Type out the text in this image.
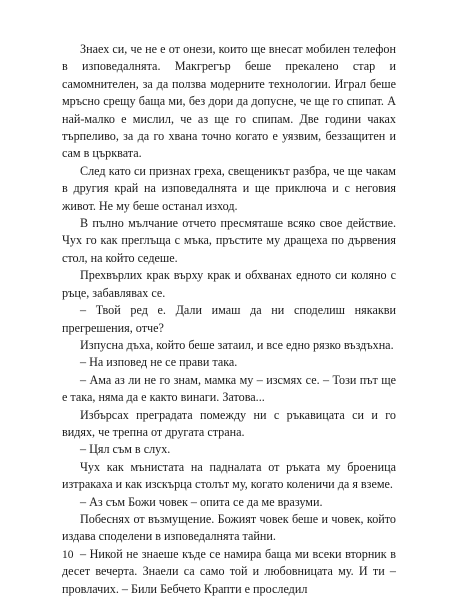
Знаех си, че не е от онези, които ще внесат мобилен телефон в изповедалнята. Макгрегър беше прекалено стар и самомнителен, за да ползва модерните технологии. Играл беше мръсно срещу баща ми, без дори да допусне, че ще го спипат. А най-малко е мислил, че аз ще го спипам. Две години чаках търпеливо, за да го хвана точно когато е уязвим, беззащитен и сам в църквата.

След като си признах греха, свещеникът разбра, че ще чакам в другия край на изповедалнята и ще приключа и с неговия живот. Не му беше останал изход.

В пълно мълчание отчето пресмяташе всяко свое действие. Чух го как преглъща с мъка, пръстите му дращеха по дървения стол, на който седеше.

Прехвърлих крак върху крак и обхванах едното си коляно с ръце, забавлявах се.

– Твой ред е. Дали имаш да ни споделиш някакви прегрешения, отче?

Изпусна дъха, който беше затаил, и все едно рязко въздъхна.

– На изповед не се прави така.

– Ама аз ли не го знам, мамка му – изсмях се. – Този път ще е така, няма да е както винаги. Затова...

Избърсах преградата помежду ни с ръкавицата си и го видях, че трепна от другата страна.

– Цял съм в слух.

Чух как мънистата на падналата от ръката му броеница изтракаха и как изскърца столът му, когато коленичи да я вземе.

– Аз съм Божи човек – опита се да ме вразуми.

Побеснях от възмущение. Божият човек беше и човек, който издава споделени в изповедалнята тайни.

– Никой не знаеше къде се намира баща ми всеки вторник в десет вечерта. Знаели са само той и любовницата му. И ти – провлачих. – Били Бебчето Крапти е проследил

10
